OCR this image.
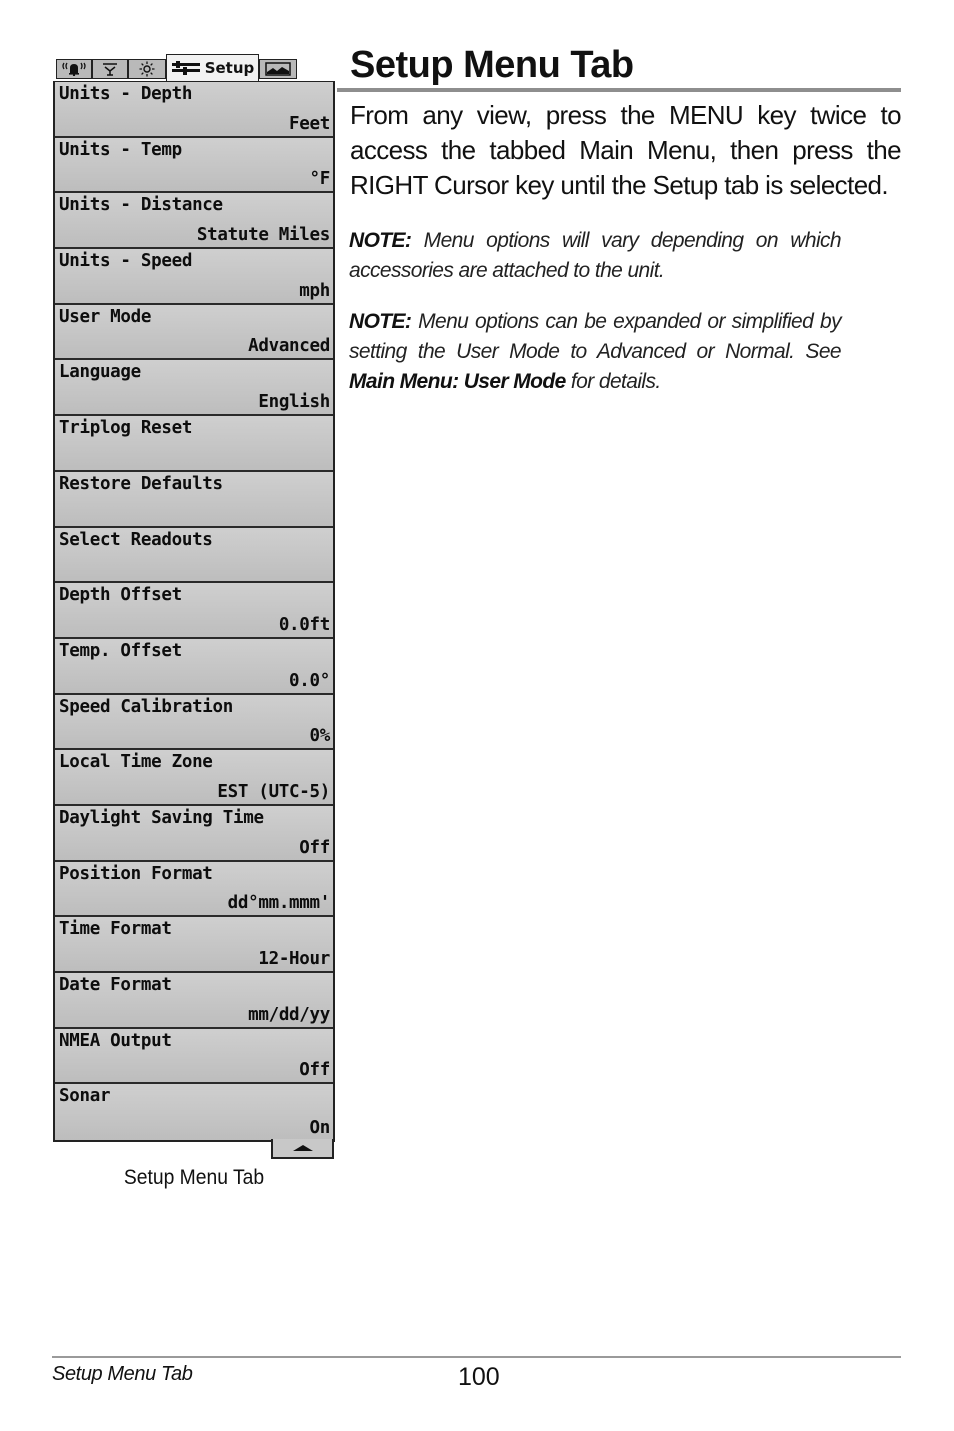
Setup
Units - Depth
Feet
Units - Temp
°F
Units - Distance
Statute Miles
Units - Speed
mph
User Mode
Advanced
Language
English
Triplog Reset
Restore Defaults
Select Readouts
Depth Offset
0.0ft
Temp. Offset
0.0°
Speed Calibration
0%
Local Time Zone
EST (UTC-5)
Daylight Saving Time
Off
Position Format
dd°mm.mmm'
Time Format
12-Hour
Date Format
mm/dd/yy
NMEA Output
Off
Sonar
On
Setup Menu Tab
Setup Menu Tab

From any view, press the MENU key twice to access the tabbed Main Menu, then press the RIGHT Cursor key until the Setup tab is selected.

NOTE: Menu options will vary depending on which accessories are attached to the unit.

NOTE: Menu options can be expanded or simplified by setting the User Mode to Advanced or Normal. See Main Menu: User Mode for details.

Setup Menu Tab	100
